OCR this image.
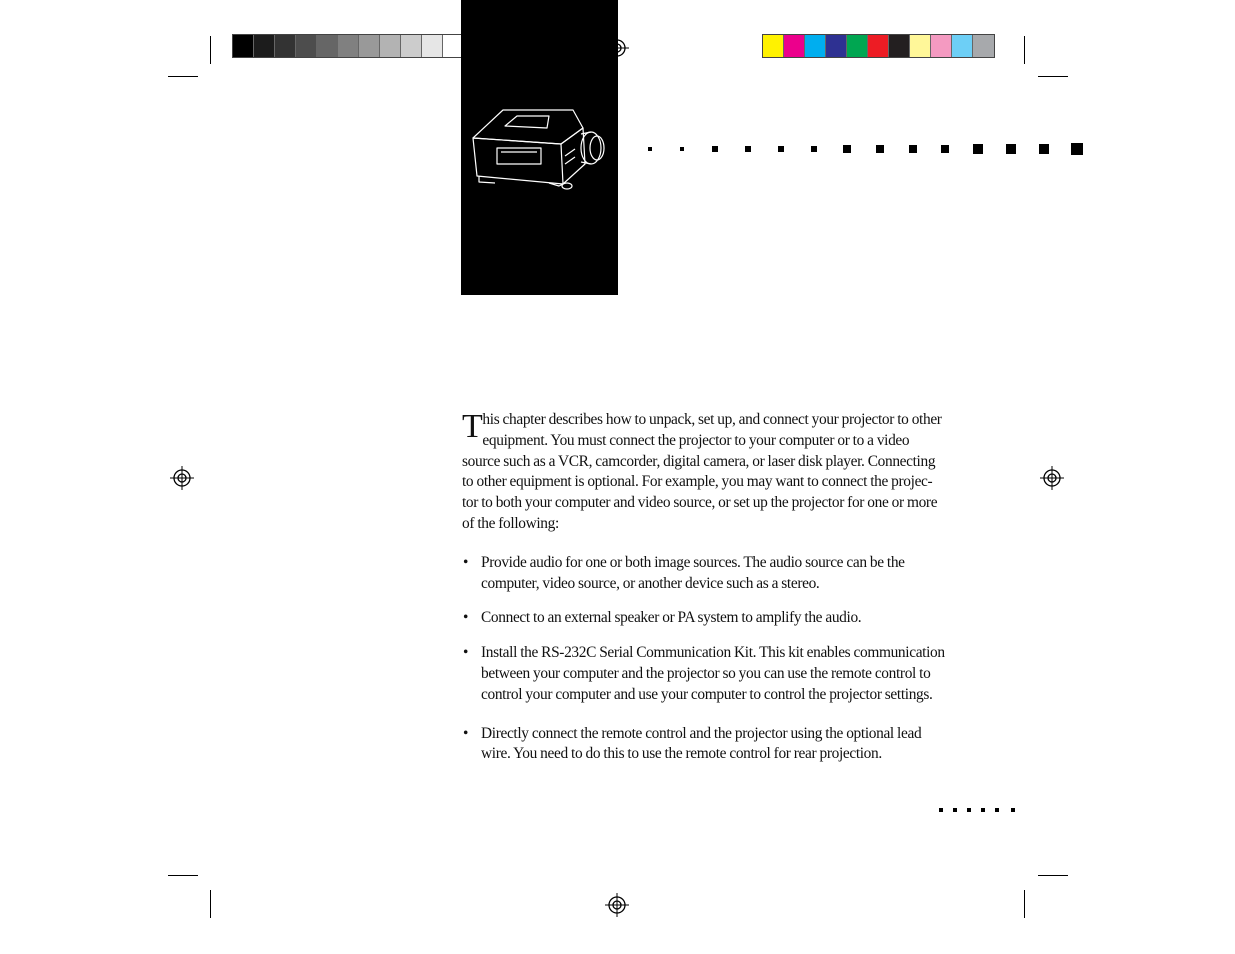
T his chapter describes how to unpack, set up, and connect your projector to other equipment. You must connect the projector to your computer or to a video source such as a VCR, camcorder, digital camera, or laser disk player. Connecting to other equipment is optional. For example, you may want to connect the projec-tor to both your computer and video source, or set up the projector for one or more of the following:
• Provide audio for one or both image sources. The audio source can be the computer, video source, or another device such as a stereo.
• Connect to an external speaker or PA system to amplify the audio.
• Install the RS-232C Serial Communication Kit. This kit enables communication between your computer and the projector so you can use the remote control to control your computer and use your computer to control the projector settings.
• Directly connect the remote control and the projector using the optional lead wire. You need to do this to use the remote control for rear projection.
